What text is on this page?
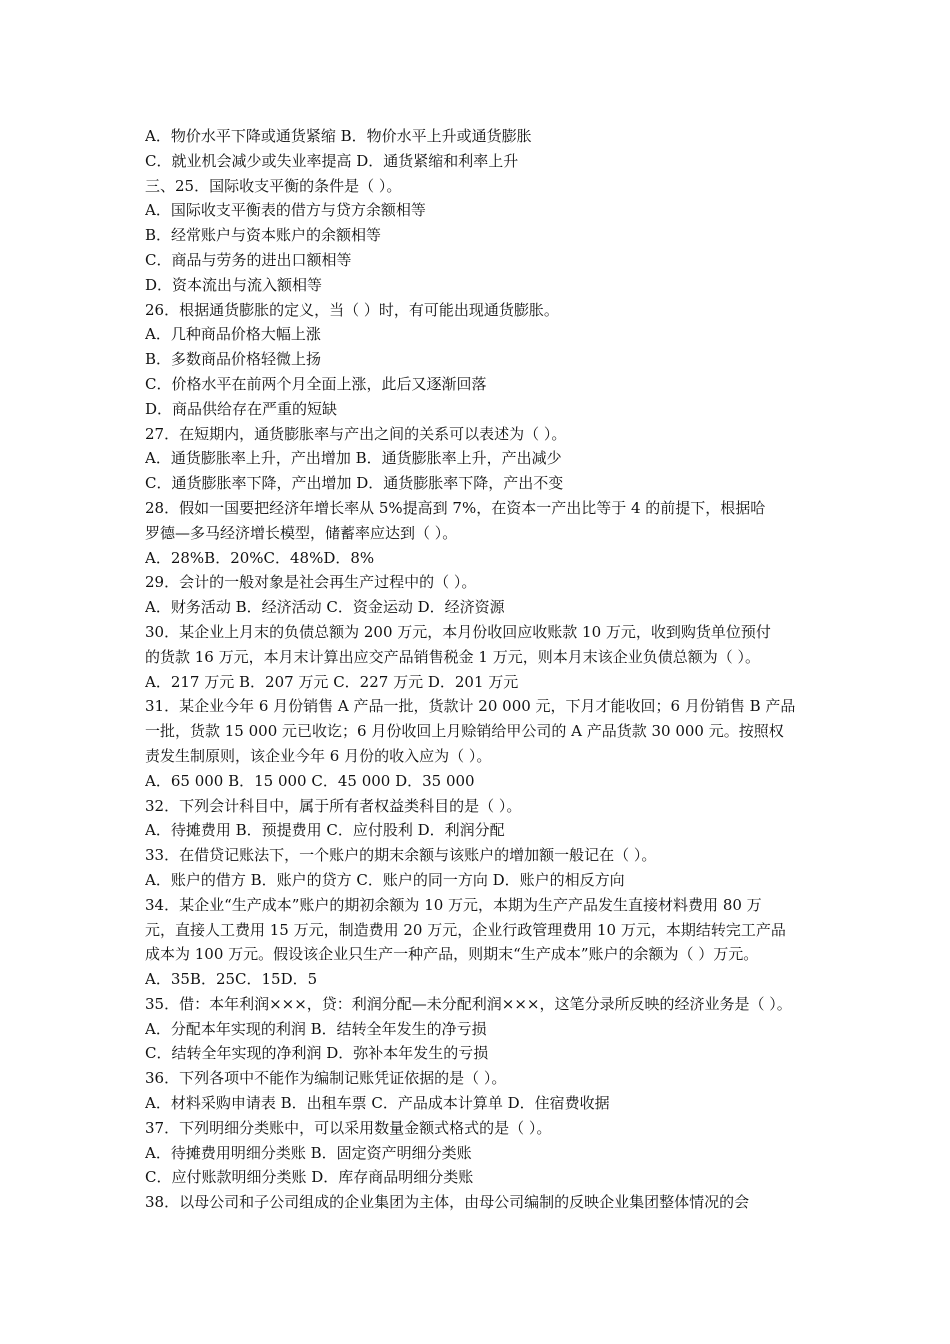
A．物价水平下降或通货紧缩 B．物价水平上升或通货膨胀
C．就业机会减少或失业率提高 D．通货紧缩和利率上升
三、25．国际收支平衡的条件是（ ）。
A．国际收支平衡表的借方与贷方余额相等
B．经常账户与资本账户的余额相等
C．商品与劳务的进出口额相等
D．资本流出与流入额相等
26．根据通货膨胀的定义，当（ ）时，有可能出现通货膨胀。
A．几种商品价格大幅上涨
B．多数商品价格轻微上扬
C．价格水平在前两个月全面上涨，此后又逐渐回落
D．商品供给存在严重的短缺
27．在短期内，通货膨胀率与产出之间的关系可以表述为（ ）。
A．通货膨胀率上升，产出增加 B．通货膨胀率上升，产出减少
C．通货膨胀率下降，产出增加 D．通货膨胀率下降，产出不变
28．假如一国要把经济年增长率从 5%提高到 7%，在资本一产出比等于 4 的前提下，根据哈
罗德—多马经济增长模型，储蓄率应达到（ ）。
A．28%B．20%C．48%D．8%
29．会计的一般对象是社会再生产过程中的（ ）。
A．财务活动 B．经济活动 C．资金运动 D．经济资源
30．某企业上月末的负债总额为 200 万元，本月份收回应收账款 10 万元，收到购货单位预付
的货款 16 万元，本月末计算出应交产品销售税金 1 万元，则本月末该企业负债总额为（ ）。
A．217 万元 B．207 万元 C．227 万元 D．201 万元
31．某企业今年 6 月份销售 A 产品一批，货款计 20 000 元，下月才能收回；6 月份销售 B 产品
一批，货款 15 000 元已收讫；6 月份收回上月赊销给甲公司的 A 产品货款 30 000 元。按照权
责发生制原则，该企业今年 6 月份的收入应为（ ）。
A．65 000 B．15 000 C．45 000 D．35 000
32．下列会计科目中，属于所有者权益类科目的是（ ）。
A．待摊费用 B．预提费用 C．应付股利 D．利润分配
33．在借贷记账法下，一个账户的期末余额与该账户的增加额一般记在（ ）。
A．账户的借方 B．账户的贷方 C．账户的同一方向 D．账户的相反方向
34．某企业“生产成本”账户的期初余额为 10 万元，本期为生产产品发生直接材料费用 80 万
元，直接人工费用 15 万元，制造费用 20 万元，企业行政管理费用 10 万元，本期结转完工产品
成本为 100 万元。假设该企业只生产一种产品，则期末“生产成本”账户的余额为（ ）万元。
A．35B．25C．15D．5
35．借：本年利润×××，贷：利润分配—未分配利润×××，这笔分录所反映的经济业务是（ ）。
A．分配本年实现的利润 B．结转全年发生的净亏损
C．结转全年实现的净利润 D．弥补本年发生的亏损
36．下列各项中不能作为编制记账凭证依据的是（ ）。
A．材料采购申请表 B．出租车票 C．产品成本计算单 D．住宿费收据
37．下列明细分类账中，可以采用数量金额式格式的是（ ）。
A．待摊费用明细分类账 B．固定资产明细分类账
C．应付账款明细分类账 D．库存商品明细分类账
38．以母公司和子公司组成的企业集团为主体，由母公司编制的反映企业集团整体情况的会
